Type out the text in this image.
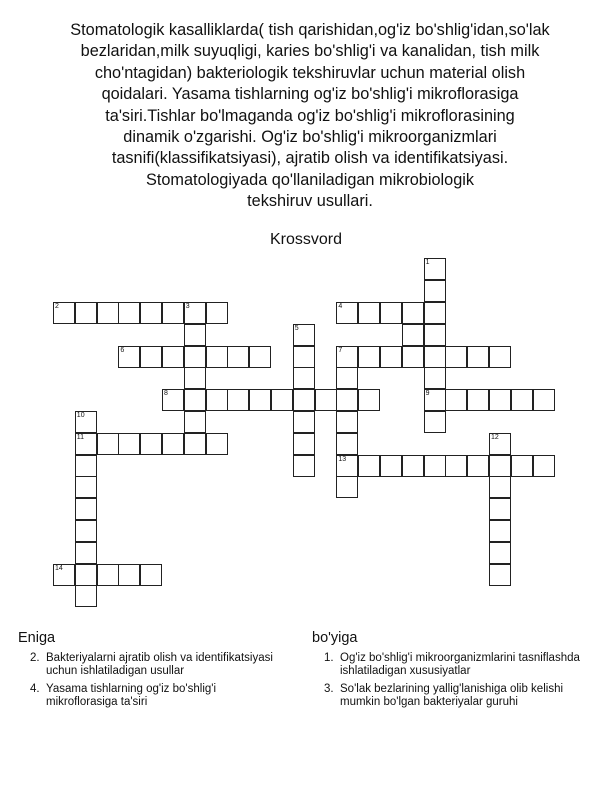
Stomatologik kasalliklarda( tish qarishidan,og'iz bo'shlig'idan,so'lak
bezlaridan,milk suyuqligi, karies bo'shlig'i va kanalidan, tish milk
cho'ntagidan) bakteriologik tekshiruvlar uchun material olish
qoidalari. Yasama tishlarning og'iz bo'shlig'i mikroflorasiga
ta'siri.Tishlar bo'lmaganda og'iz bo'shlig'i mikroflorasining
dinamik o'zgarishi. Og'iz bo'shlig'i mikroorganizmlari
tasnifi(klassifikatsiyasi), ajratib olish va identifikatsiyasi.
Stomatologiyada qo'llaniladigan mikrobiologik
tekshiruv usullari.
Krossvord
2	3	4
6	7
8	9
11
13
14
1
5
10
12
Eniga
2. Bakteriyalarni ajratib olish va identifikatsiyasi uchun ishlatiladigan usullar
4. Yasama tishlarning og'iz bo'shlig'i mikroflorasiga ta'siri
bo'yiga
1. Og'iz bo'shlig'i mikroorganizmlarini tasniflashda ishlatiladigan xususiyatlar
3. So'lak bezlarining yallig'lanishiga olib kelishi mumkin bo'lgan bakteriyalar guruhi
